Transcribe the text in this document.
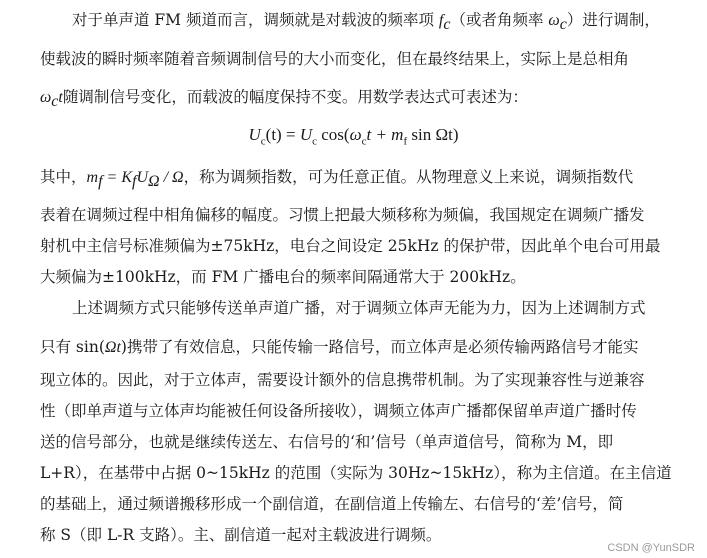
对于单声道 FM 频道而言，调频就是对载波的频率项 $f_c$（或者角频率 $\omega_c$）进行调制，
使载波的瞬时频率随着音频调制信号的大小而变化，但在最终结果上，实际上是总相角
$\omega_ct$随调制信号变化，而载波的幅度保持不变。用数学表达式可表述为：
$U_c(t) = U_c$ $\cos(\omega_ct + m_f$ sin Ωt)
其中，$m_f = K_fU_\Omega / \Omega$，称为调频指数，可为任意正值。从物理意义上来说，调频指数代
表着在调频过程中相角偏移的幅度。习惯上把最大频移称为频偏，我国规定在调频广播发
射机中主信号标准频偏为±75kHz，电台之间设定 25kHz 的保护带，因此单个电台可用最
大频偏为±100kHz，而 FM 广播电台的频率间隔通常大于 200kHz。
上述调频方式只能够传送单声道广播，对于调频立体声无能为力，因为上述调制方式
只有 sin(Ωt)携带了有效信息，只能传输一路信号，而立体声是必须传输两路信号才能实
现立体的。因此，对于立体声，需要设计额外的信息携带机制。为了实现兼容性与逆兼容
性（即单声道与立体声均能被任何设备所接收），调频立体声广播都保留单声道广播时传
送的信号部分，也就是继续传送左、右信号的‘和’信号（单声道信号，简称为 M，即
L+R），在基带中占据 0~15kHz 的范围（实际为 30Hz~15kHz），称为主信道。在主信道
的基础上，通过频谱搬移形成一个副信道，在副信道上传输左、右信号的‘差’信号，简
称 S（即 L-R 支路）。主、副信道一起对主载波进行调频。
CSDN @YunSDR
